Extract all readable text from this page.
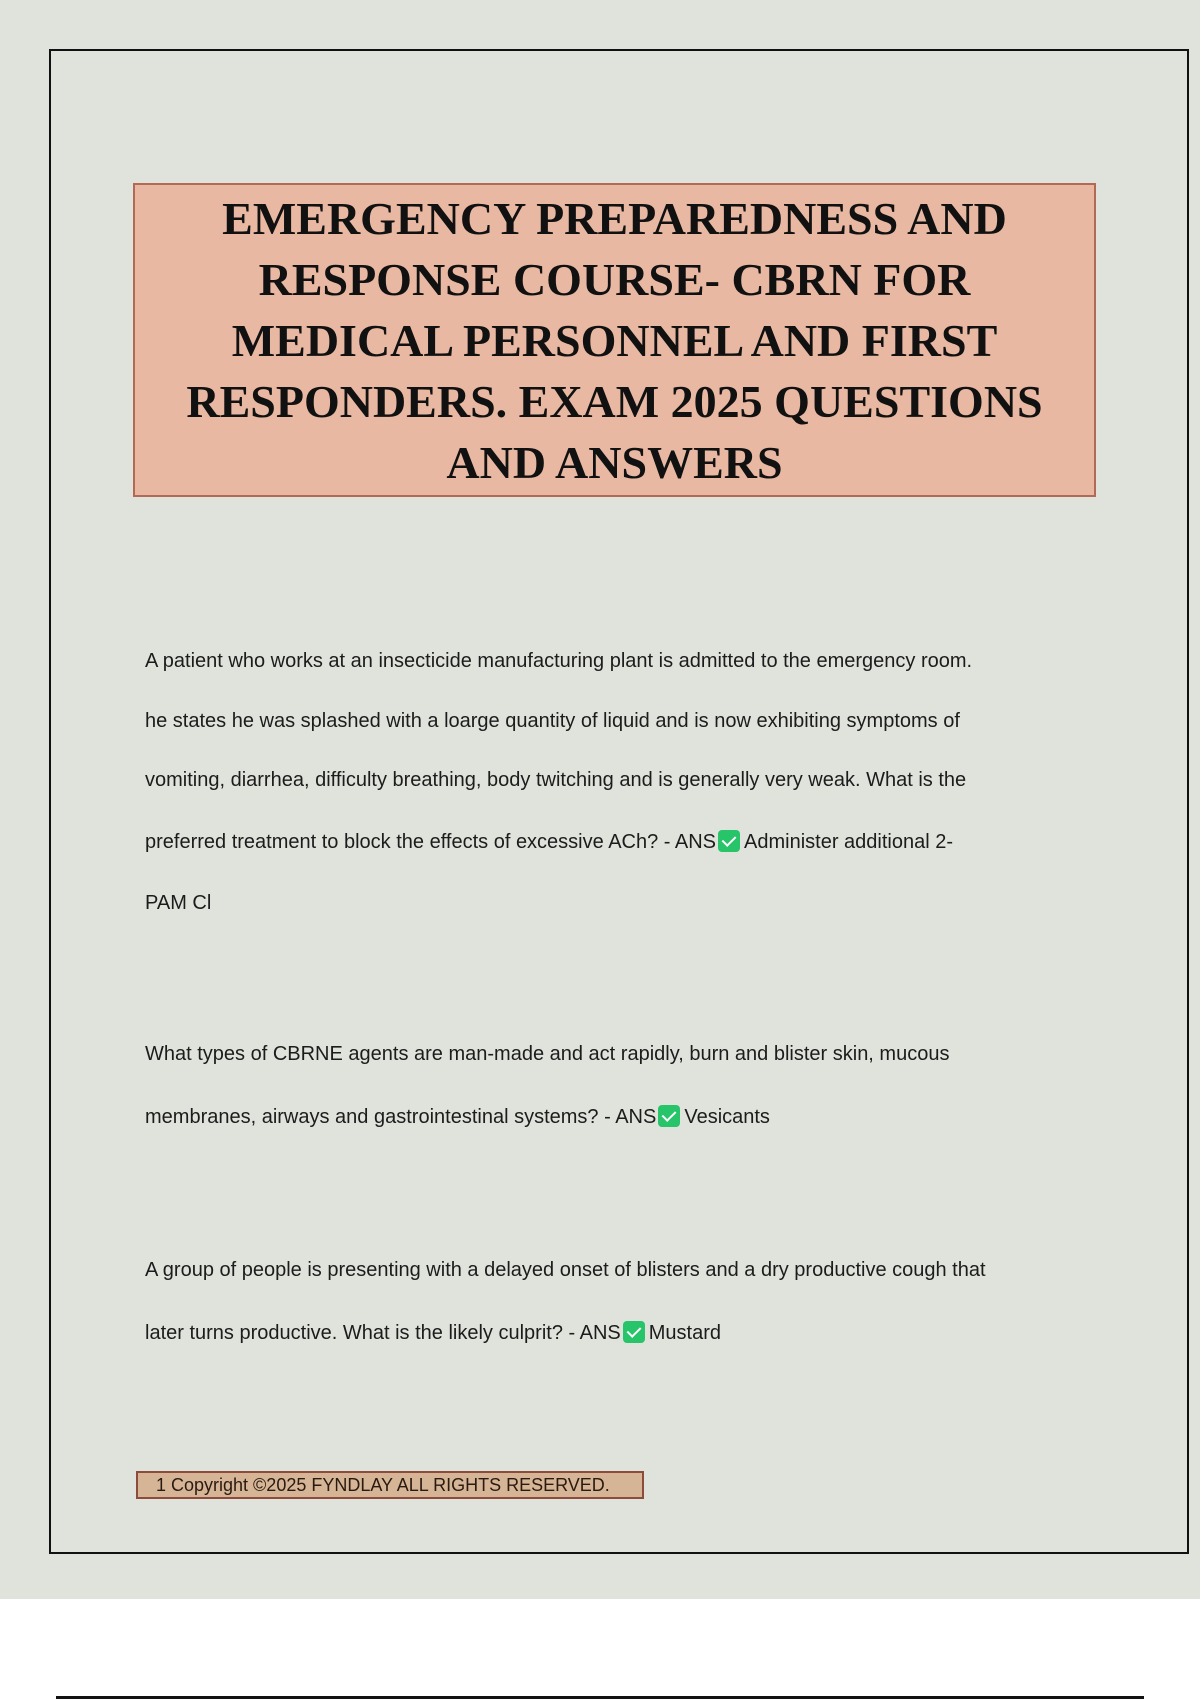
EMERGENCY PREPAREDNESS AND
RESPONSE COURSE- CBRN FOR
MEDICAL PERSONNEL AND FIRST
RESPONDERS. EXAM 2025 QUESTIONS
AND ANSWERS
A patient who works at an insecticide manufacturing plant is admitted to the emergency room.
he states he was splashed with a loarge quantity of liquid and is now exhibiting symptoms of
vomiting, diarrhea, difficulty breathing, body twitching and is generally very weak. What is the
preferred treatment to block the effects of excessive ACh? - ANS Administer additional 2-
PAM Cl
What types of CBRNE agents are man-made and act rapidly, burn and blister skin, mucous
membranes, airways and gastrointestinal systems? - ANS Vesicants
A group of people is presenting with a delayed onset of blisters and a dry productive cough that
later turns productive. What is the likely culprit? - ANS Mustard
1 Copyright ©2025 FYNDLAY ALL RIGHTS RESERVED.
